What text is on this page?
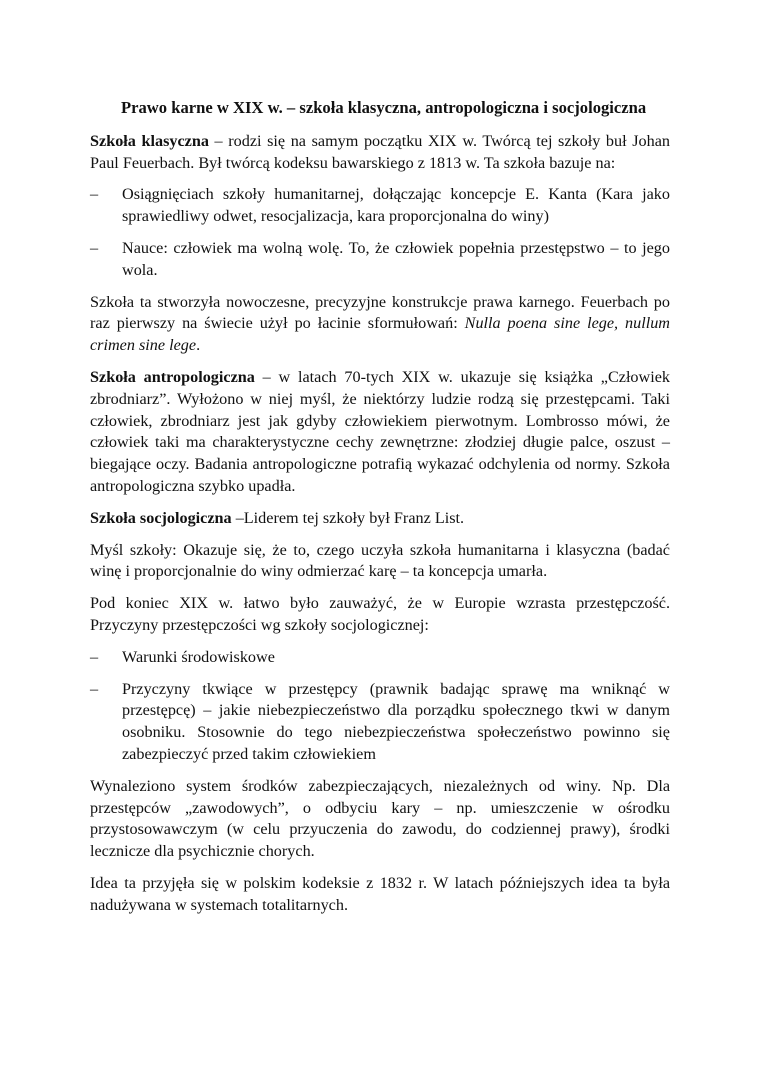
Prawo karne w XIX w. – szkoła klasyczna, antropologiczna i socjologiczna

Szkoła klasyczna – rodzi się na samym początku XIX w. Twórcą tej szkoły buł Johan Paul Feuerbach. Był twórcą kodeksu bawarskiego z 1813 w. Ta szkoła bazuje na:

–	Osiągnięciach szkoły humanitarnej, dołączając koncepcje E. Kanta (Kara jako sprawiedliwy odwet, resocjalizacja, kara proporcjonalna do winy)
–	Nauce: człowiek ma wolną wolę. To, że człowiek popełnia przestępstwo – to jego wola.

Szkoła ta stworzyła nowoczesne, precyzyjne konstrukcje prawa karnego. Feuerbach po raz pierwszy na świecie użył po łacinie sformułowań: Nulla poena sine lege, nullum crimen sine lege.

Szkoła antropologiczna – w latach 70-tych XIX w. ukazuje się książka „Człowiek zbrodniarz”. Wyłożono w niej myśl, że niektórzy ludzie rodzą się przestępcami. Taki człowiek, zbrodniarz jest jak gdyby człowiekiem pierwotnym. Lombrosso mówi, że człowiek taki ma charakterystyczne cechy zewnętrzne: złodziej długie palce, oszust – biegające oczy. Badania antropologiczne potrafią wykazać odchylenia od normy. Szkoła antropologiczna szybko upadła.

Szkoła socjologiczna –Liderem tej szkoły był Franz List.

Myśl szkoły: Okazuje się, że to, czego uczyła szkoła humanitarna i klasyczna (badać winę i proporcjonalnie do winy odmierzać karę – ta koncepcja umarła.

Pod koniec XIX w. łatwo było zauważyć, że w Europie wzrasta przestępczość. Przyczyny przestępczości wg szkoły socjologicznej:

–	Warunki środowiskowe
–	Przyczyny tkwiące w przestępcy (prawnik badając sprawę ma wniknąć w przestępcę) – jakie niebezpieczeństwo dla porządku społecznego tkwi w danym osobniku. Stosownie do tego niebezpieczeństwa społeczeństwo powinno się zabezpieczyć przed takim człowiekiem

Wynaleziono system środków zabezpieczających, niezależnych od winy. Np. Dla przestępców „zawodowych”, o odbyciu kary – np. umieszczenie w ośrodku przystosowawczym (w celu przyuczenia do zawodu, do codziennej prawy), środki lecznicze dla psychicznie chorych.

Idea ta przyjęła się w polskim kodeksie z 1832 r. W latach późniejszych idea ta była nadużywana w systemach totalitarnych.
